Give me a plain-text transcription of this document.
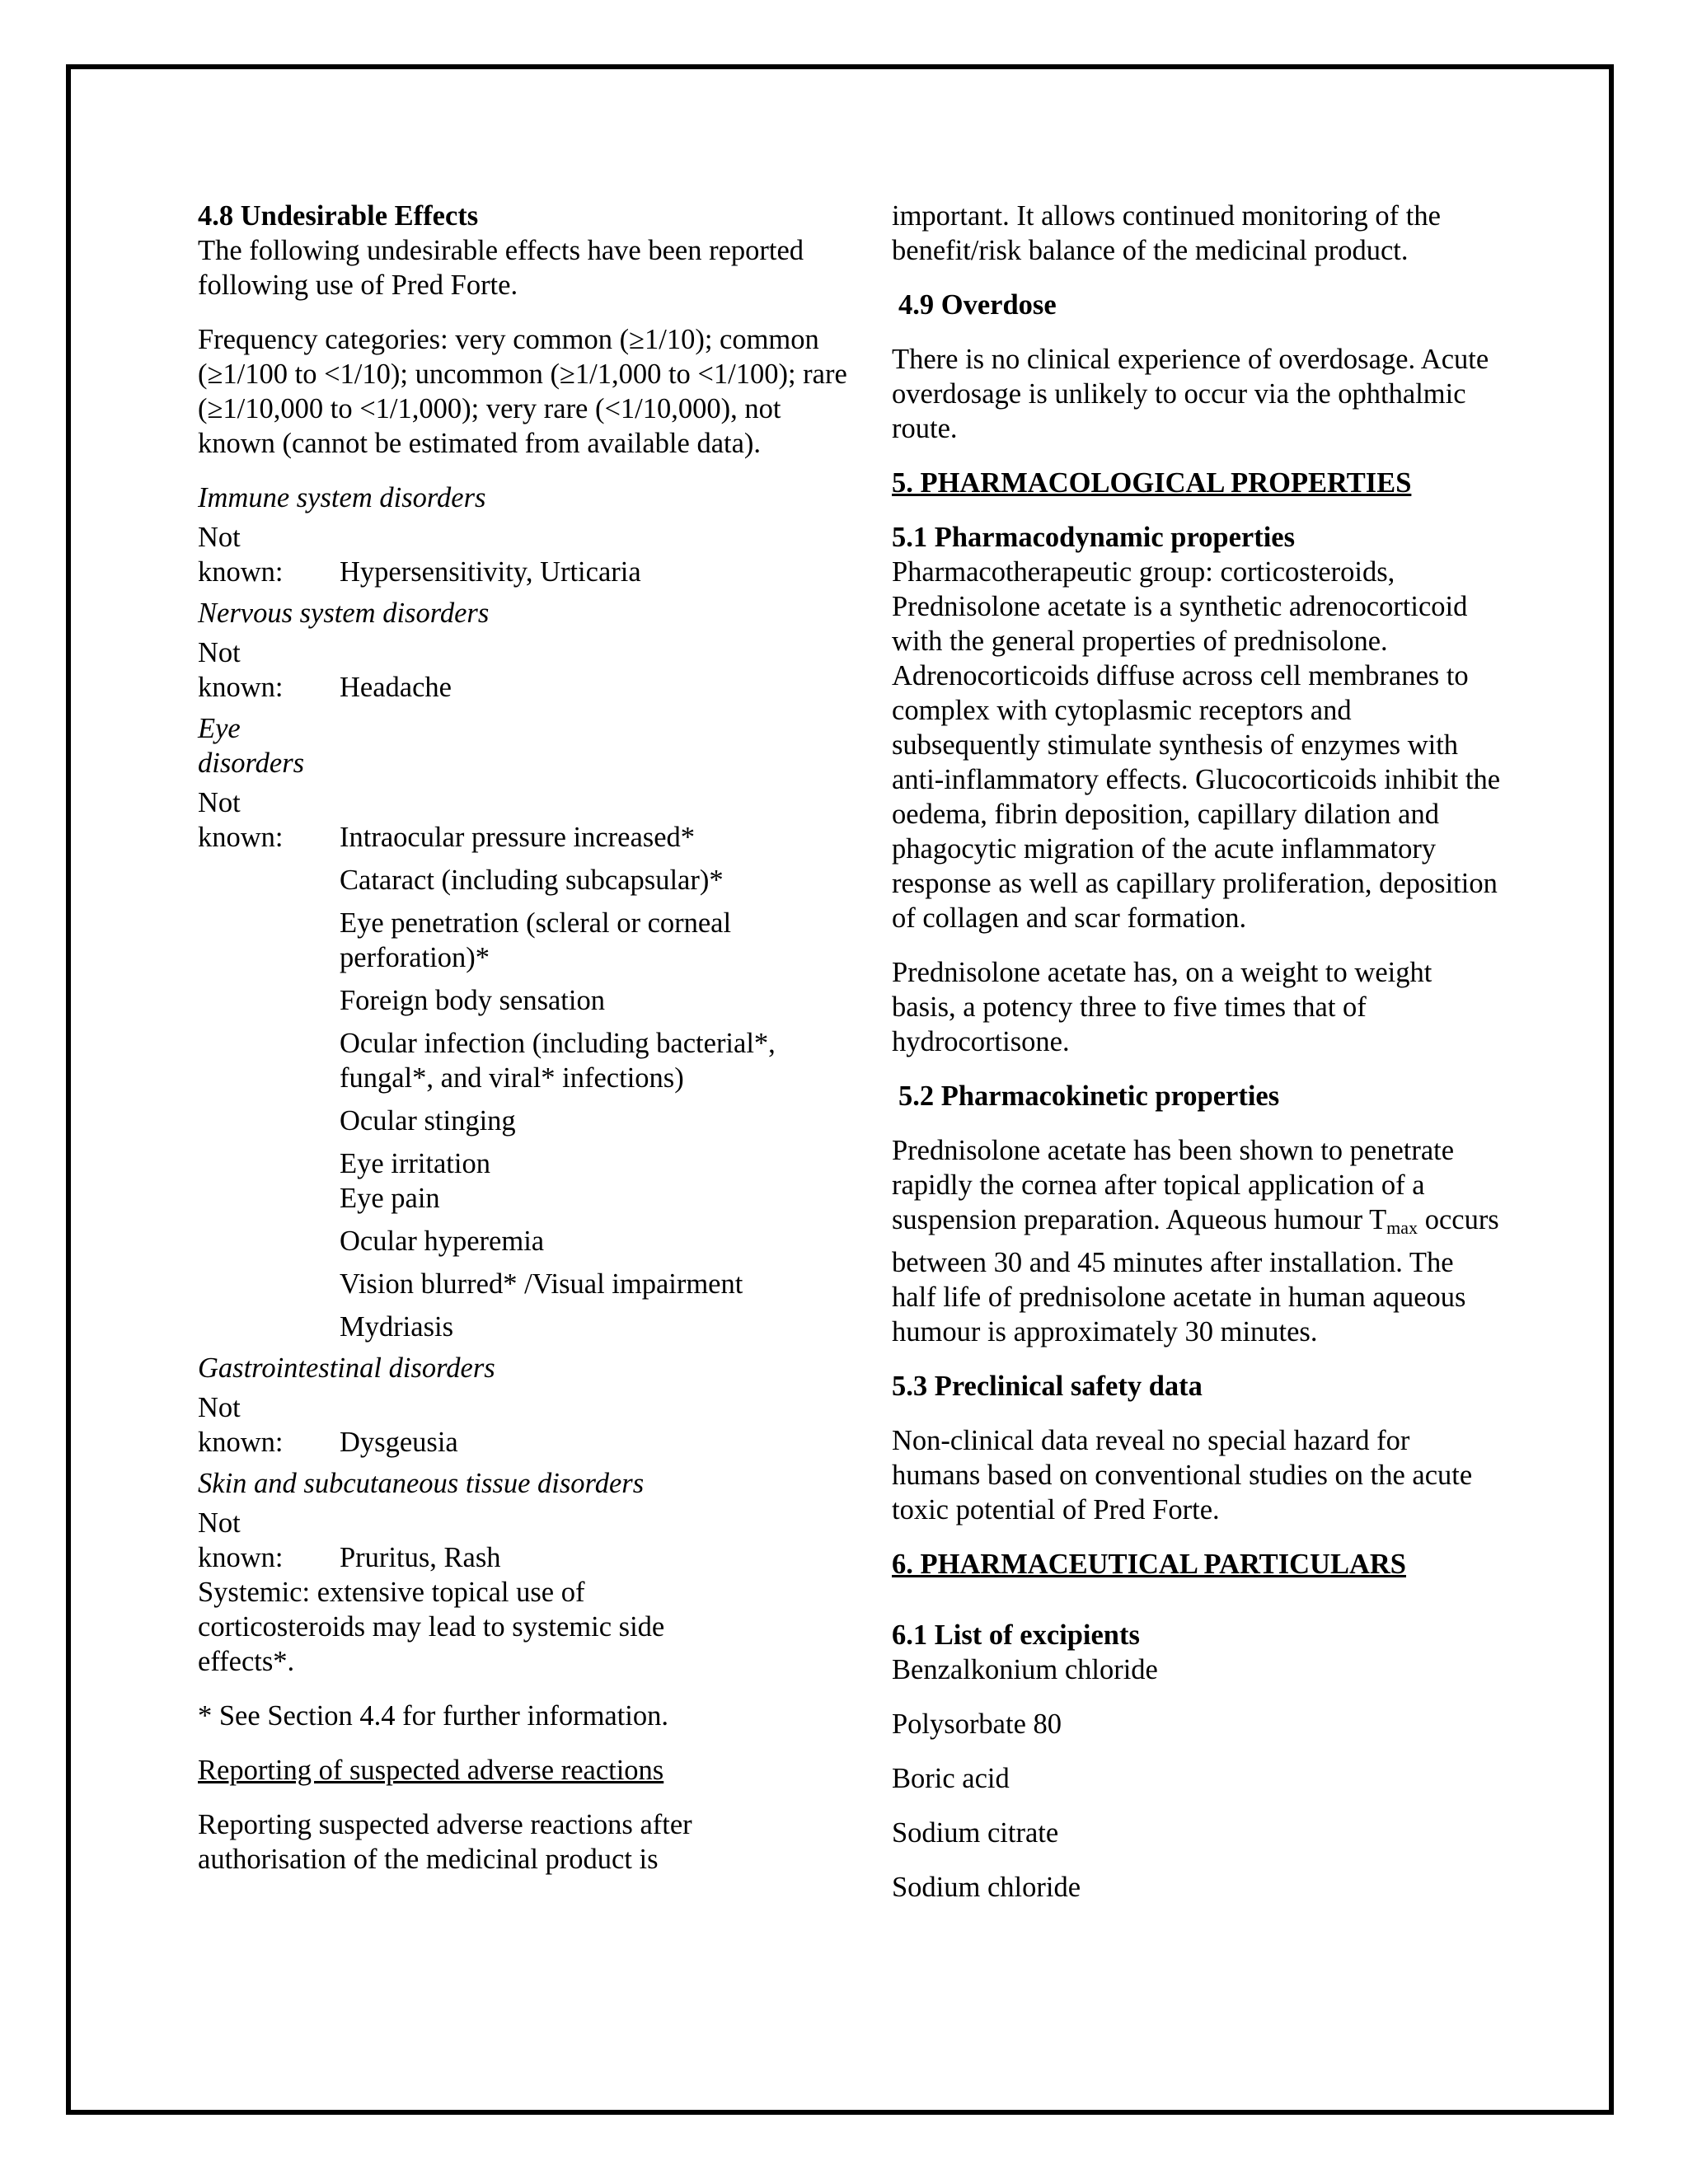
4.8 Undesirable Effects

The following undesirable effects have been reported following use of Pred Forte.

Frequency categories: very common (≥1/10); common (≥1/100 to <1/10); uncommon (≥1/1,000 to <1/100); rare (≥1/10,000 to <1/1,000); very rare (<1/10,000), not known (cannot be estimated from available data).

Immune system disorders

Not known:	Hypersensitivity, Urticaria

Nervous system disorders

Not known:	Headache

Eye disorders

Not known:	Intraocular pressure increased*

Cataract (including subcapsular)*

Eye penetration (scleral or corneal perforation)*

Foreign body sensation

Ocular infection (including bacterial*, fungal*, and viral* infections)

Ocular stinging

Eye irritation

Eye pain

Ocular hyperemia

Vision blurred* /Visual impairment

Mydriasis

Gastrointestinal disorders

Not known:	Dysgeusia

Skin and subcutaneous tissue disorders

Not known:	Pruritus, Rash

Systemic: extensive topical use of corticosteroids may lead to systemic side effects*.

* See Section 4.4 for further information.

Reporting of suspected adverse reactions

Reporting suspected adverse reactions after authorisation of the medicinal product is

important. It allows continued monitoring of the benefit/risk balance of the medicinal product.

4.9 Overdose

There is no clinical experience of overdosage. Acute overdosage is unlikely to occur via the ophthalmic route.

5. PHARMACOLOGICAL PROPERTIES

5.1 Pharmacodynamic properties

Pharmacotherapeutic group: corticosteroids, Prednisolone acetate is a synthetic adrenocorticoid with the general properties of prednisolone. Adrenocorticoids diffuse across cell membranes to complex with cytoplasmic receptors and subsequently stimulate synthesis of enzymes with anti-inflammatory effects. Glucocorticoids inhibit the oedema, fibrin deposition, capillary dilation and phagocytic migration of the acute inflammatory response as well as capillary proliferation, deposition of collagen and scar formation.

Prednisolone acetate has, on a weight to weight basis, a potency three to five times that of hydrocortisone.

5.2 Pharmacokinetic properties

Prednisolone acetate has been shown to penetrate rapidly the cornea after topical application of a suspension preparation. Aqueous humour $T_{max}$ occurs between 30 and 45 minutes after installation. The half life of prednisolone acetate in human aqueous humour is approximately 30 minutes.

5.3 Preclinical safety data

Non-clinical data reveal no special hazard for humans based on conventional studies on the acute toxic potential of Pred Forte.

6. PHARMACEUTICAL PARTICULARS

6.1 List of excipients

Benzalkonium chloride

Polysorbate 80

Boric acid

Sodium citrate

Sodium chloride
